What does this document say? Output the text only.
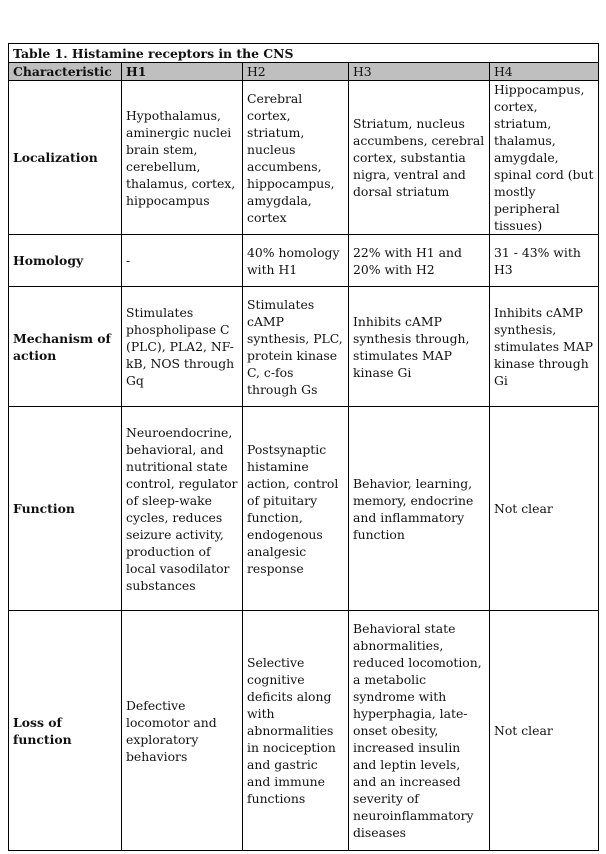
Table 1. Histamine receptors in the CNS				
Characteristic	H1	H2	H3	H4
Localization	Hypothalamus, aminergic nuclei brain stem, cerebellum, thalamus, cortex, hippocampus	Cerebral cortex, striatum, nucleus accumbens, hippocampus, amygdala, cortex	Striatum, nucleus accumbens, cerebral cortex, substantia nigra, ventral and dorsal striatum	Hippocampus, cortex, striatum, thalamus, amygdale, spinal cord (but mostly peripheral tissues)
Homology	-	40% homology with H1	22% with H1 and 20% with H2	31 - 43% with H3
Mechanism of action	Stimulates phospholipase C (PLC), PLA2, NF-kB, NOS through Gq	Stimulates cAMP synthesis, PLC, protein kinase C, c-fos through Gs	Inhibits cAMP synthesis through, stimulates MAP kinase Gi	Inhibits cAMP synthesis, stimulates MAP kinase through Gi
Function	Neuroendocrine, behavioral, and nutritional state control, regulator of sleep-wake cycles, reduces seizure activity, production of local vasodilator substances	Postsynaptic histamine action, control of pituitary function, endogenous analgesic response	Behavior, learning, memory, endocrine and inflammatory function	Not clear
Loss of function	Defective locomotor and exploratory behaviors	Selective cognitive deficits along with abnormalities in nociception and gastric and immune functions	Behavioral state abnormalities, reduced locomotion, a metabolic syndrome with hyperphagia, late-onset obesity, increased insulin and leptin levels, and an increased severity of neuroinflammatory diseases	Not clear
